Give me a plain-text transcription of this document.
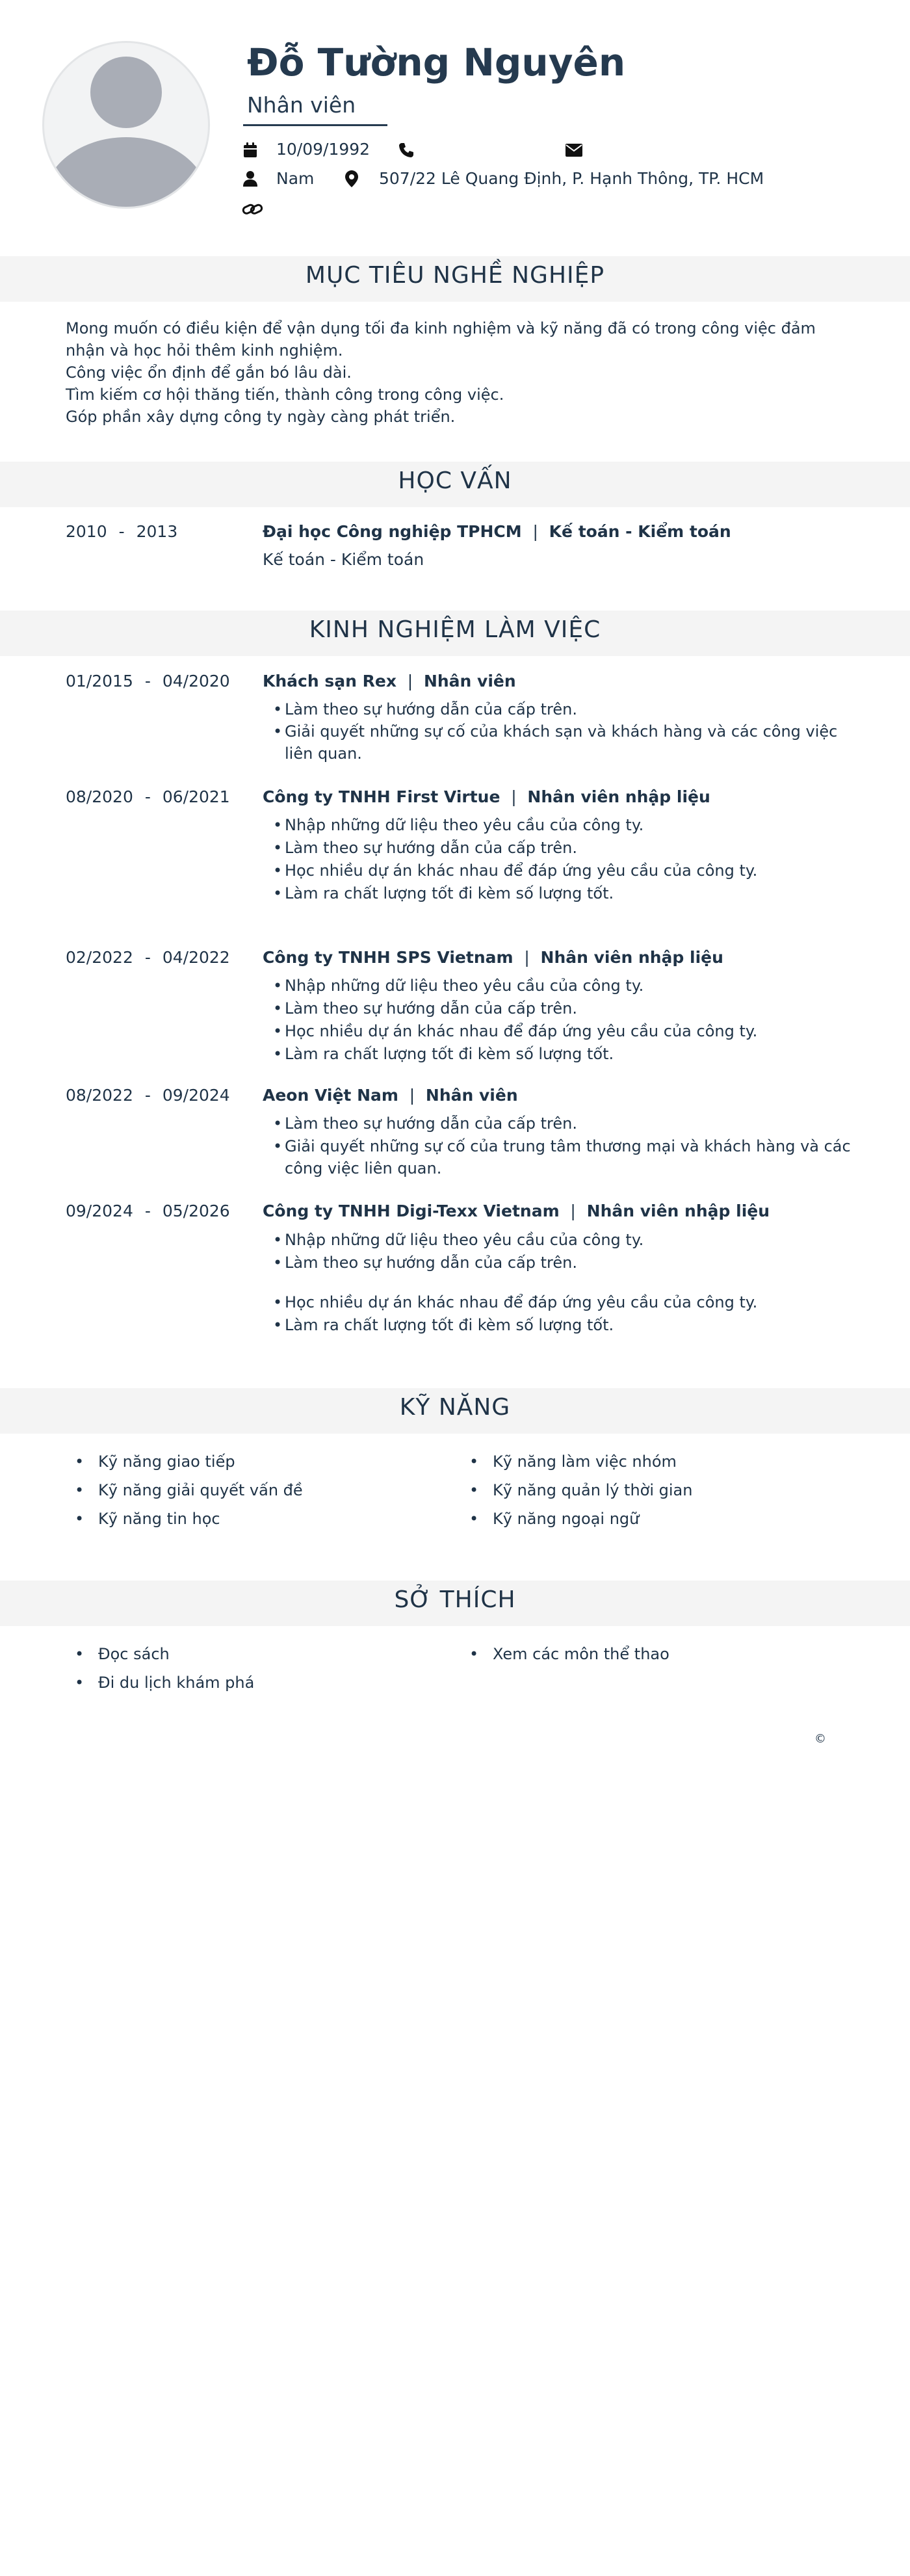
Đỗ Tường Nguyên
Nhân viên
10/09/1992
Nam	507/22 Lê Quang Định, P. Hạnh Thông, TP. HCM
MỤC TIÊU NGHỀ NGHIỆP
Mong muốn có điều kiện để vận dụng tối đa kinh nghiệm và kỹ năng đã có trong công việc đảm nhận và học hỏi thêm kinh nghiệm.
Công việc ổn định để gắn bó lâu dài.
Tìm kiếm cơ hội thăng tiến, thành công trong công việc.
Góp phần xây dựng công ty ngày càng phát triển.
HỌC VẤN
2010 - 2013	Đại học Công nghiệp TPHCM | Kế toán - Kiểm toán
Kế toán - Kiểm toán
KINH NGHIỆM LÀM VIỆC
01/2015 - 04/2020 Khách sạn Rex | Nhân viên
• Làm theo sự hướng dẫn của cấp trên.
• Giải quyết những sự cố của khách sạn và khách hàng và các công việc liên quan.
08/2020 - 06/2021 Công ty TNHH First Virtue | Nhân viên nhập liệu
• Nhập những dữ liệu theo yêu cầu của công ty.
• Làm theo sự hướng dẫn của cấp trên.
• Học nhiều dự án khác nhau để đáp ứng yêu cầu của công ty.
• Làm ra chất lượng tốt đi kèm số lượng tốt.
02/2022 - 04/2022 Công ty TNHH SPS Vietnam | Nhân viên nhập liệu
• Nhập những dữ liệu theo yêu cầu của công ty.
• Làm theo sự hướng dẫn của cấp trên.
• Học nhiều dự án khác nhau để đáp ứng yêu cầu của công ty.
• Làm ra chất lượng tốt đi kèm số lượng tốt.
08/2022 - 09/2024 Aeon Việt Nam | Nhân viên
• Làm theo sự hướng dẫn của cấp trên.
• Giải quyết những sự cố của trung tâm thương mại và khách hàng và các công việc liên quan.
09/2024 - 05/2026 Công ty TNHH Digi-Texx Vietnam | Nhân viên nhập liệu
• Nhập những dữ liệu theo yêu cầu của công ty.
• Làm theo sự hướng dẫn của cấp trên.
• Học nhiều dự án khác nhau để đáp ứng yêu cầu của công ty.
• Làm ra chất lượng tốt đi kèm số lượng tốt.
KỸ NĂNG
• Kỹ năng giao tiếp	• Kỹ năng làm việc nhóm
• Kỹ năng giải quyết vấn đề	• Kỹ năng quản lý thời gian
• Kỹ năng tin học	• Kỹ năng ngoại ngữ
SỞ THÍCH
• Đọc sách	• Xem các môn thể thao
• Đi du lịch khám phá
©
